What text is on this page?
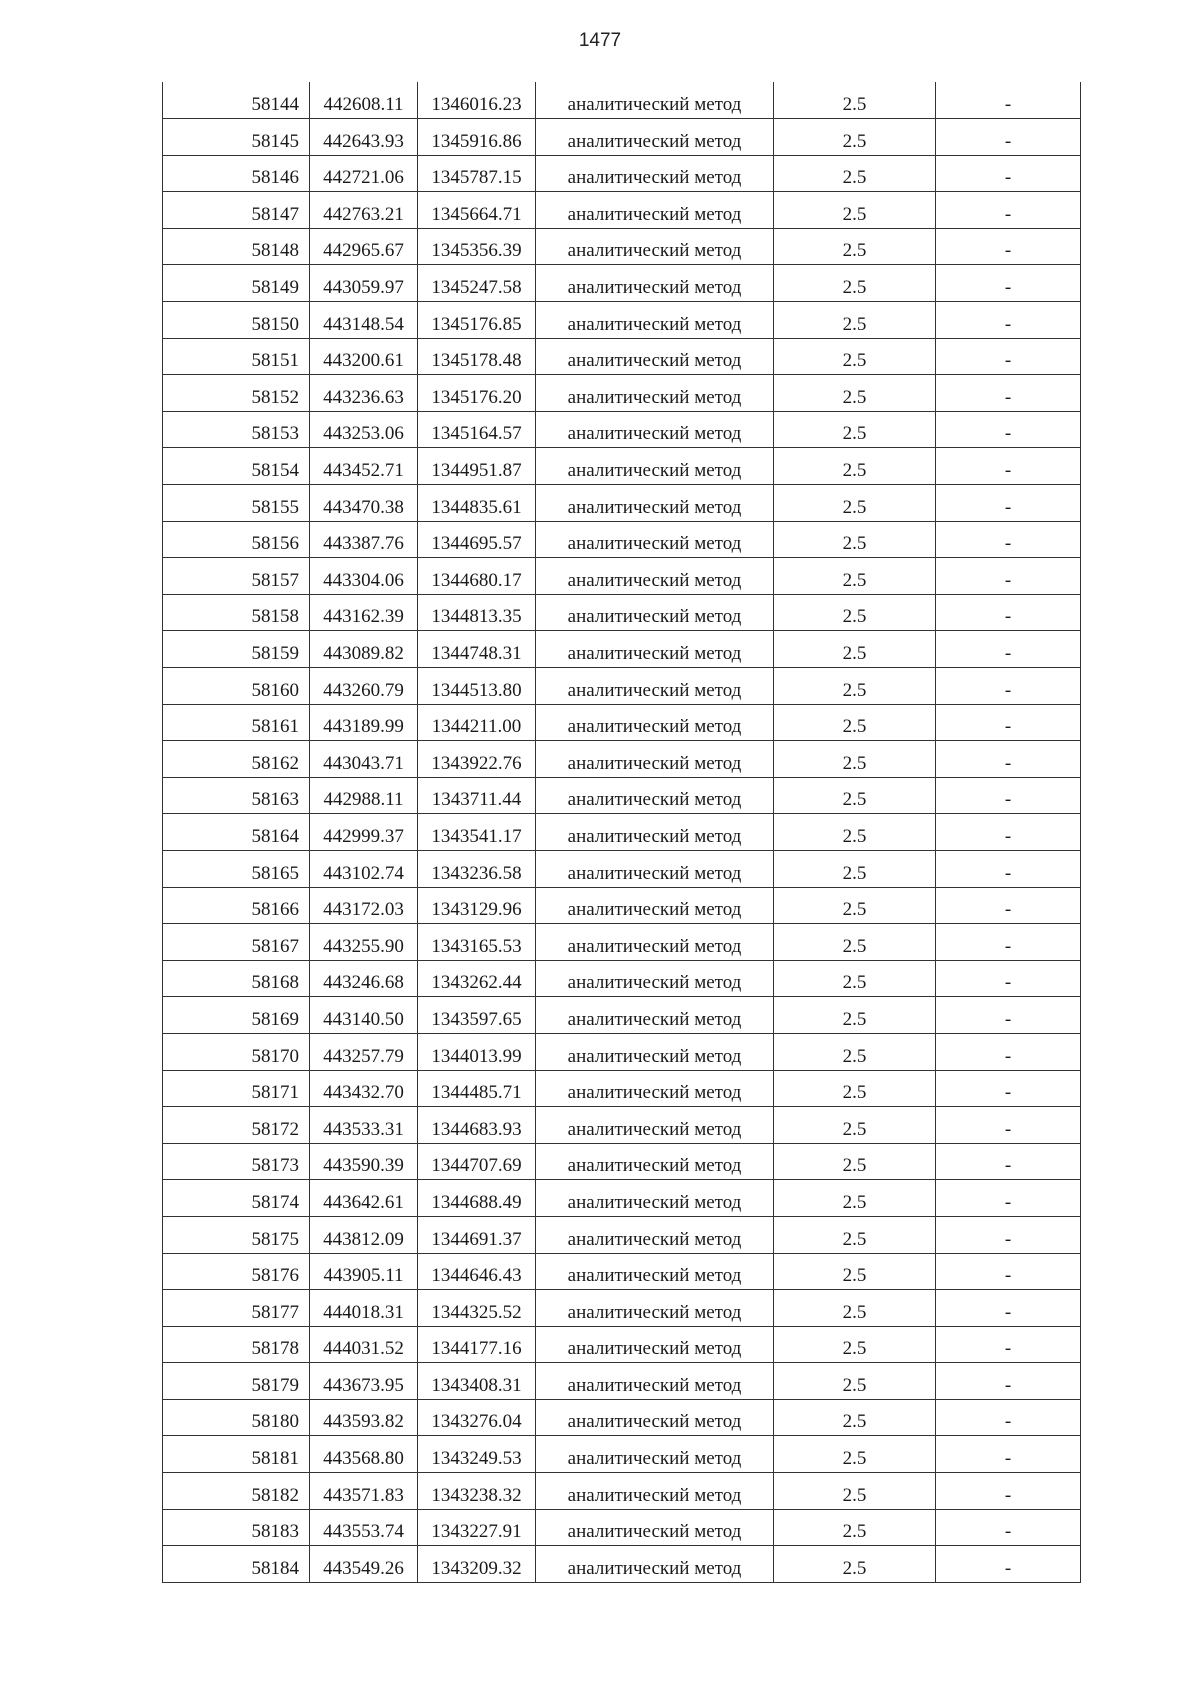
1477
58144	442608.11	1346016.23	аналитический метод	2.5	-
58145	442643.93	1345916.86	аналитический метод	2.5	-
58146	442721.06	1345787.15	аналитический метод	2.5	-
58147	442763.21	1345664.71	аналитический метод	2.5	-
58148	442965.67	1345356.39	аналитический метод	2.5	-
58149	443059.97	1345247.58	аналитический метод	2.5	-
58150	443148.54	1345176.85	аналитический метод	2.5	-
58151	443200.61	1345178.48	аналитический метод	2.5	-
58152	443236.63	1345176.20	аналитический метод	2.5	-
58153	443253.06	1345164.57	аналитический метод	2.5	-
58154	443452.71	1344951.87	аналитический метод	2.5	-
58155	443470.38	1344835.61	аналитический метод	2.5	-
58156	443387.76	1344695.57	аналитический метод	2.5	-
58157	443304.06	1344680.17	аналитический метод	2.5	-
58158	443162.39	1344813.35	аналитический метод	2.5	-
58159	443089.82	1344748.31	аналитический метод	2.5	-
58160	443260.79	1344513.80	аналитический метод	2.5	-
58161	443189.99	1344211.00	аналитический метод	2.5	-
58162	443043.71	1343922.76	аналитический метод	2.5	-
58163	442988.11	1343711.44	аналитический метод	2.5	-
58164	442999.37	1343541.17	аналитический метод	2.5	-
58165	443102.74	1343236.58	аналитический метод	2.5	-
58166	443172.03	1343129.96	аналитический метод	2.5	-
58167	443255.90	1343165.53	аналитический метод	2.5	-
58168	443246.68	1343262.44	аналитический метод	2.5	-
58169	443140.50	1343597.65	аналитический метод	2.5	-
58170	443257.79	1344013.99	аналитический метод	2.5	-
58171	443432.70	1344485.71	аналитический метод	2.5	-
58172	443533.31	1344683.93	аналитический метод	2.5	-
58173	443590.39	1344707.69	аналитический метод	2.5	-
58174	443642.61	1344688.49	аналитический метод	2.5	-
58175	443812.09	1344691.37	аналитический метод	2.5	-
58176	443905.11	1344646.43	аналитический метод	2.5	-
58177	444018.31	1344325.52	аналитический метод	2.5	-
58178	444031.52	1344177.16	аналитический метод	2.5	-
58179	443673.95	1343408.31	аналитический метод	2.5	-
58180	443593.82	1343276.04	аналитический метод	2.5	-
58181	443568.80	1343249.53	аналитический метод	2.5	-
58182	443571.83	1343238.32	аналитический метод	2.5	-
58183	443553.74	1343227.91	аналитический метод	2.5	-
58184	443549.26	1343209.32	аналитический метод	2.5	-
